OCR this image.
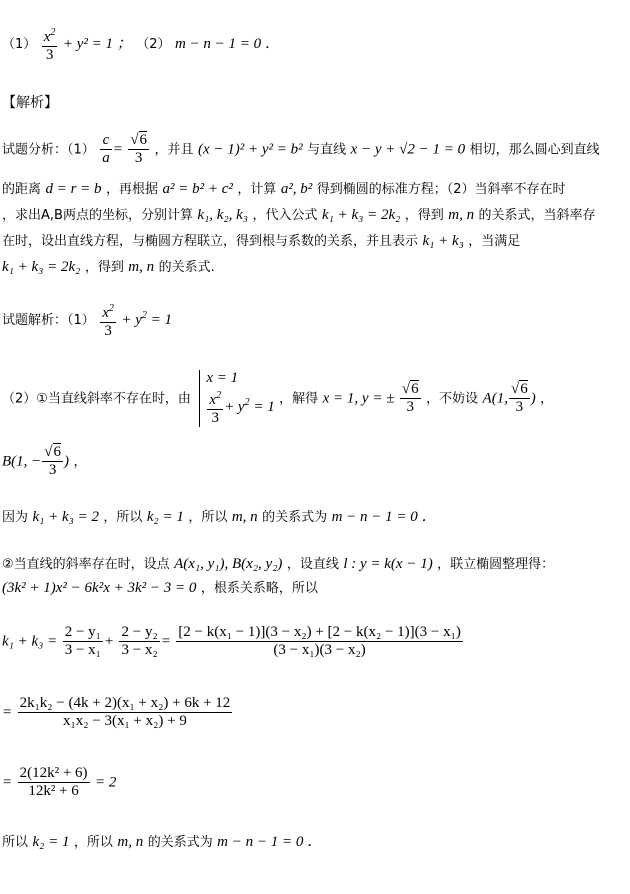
$(1) \frac{x^2}{3} + y^2 = 1$ ； （2） m − n − 1 = 0 ．
【解析】
试题分析：$(1) \frac{c}{a} = \frac{√6}{3}$ ，并且 (x − 1)² + y² = b² 与直线 x − y + √2 − 1 = 0 相切，那么圆心到直线
的距离 d = r = b ，再根据 a² = b² + c² ，计算 a², b² 得到椭圆的标准方程；（2）当斜率不存在时
，求出A,B两点的坐标，分别计算 k₁, k₂, k₃ ，代入公式 k₁ + k₃ = 2k₂ ，得到 m, n 的关系式，当斜率存
在时，设出直线方程，与椭圆方程联立，得到根与系数的关系，并且表示 k₁ + k₃ ，当满足
k₁ + k₃ = 2k₂ ，得到 m, n 的关系式.
试题解析：$(1) \frac{x^2}{3} + y^2 = 1$
（2）①当直线斜率不存在时，由
x = 1
$\frac{x^2}{3} + y^2 = 1$ ，解得 x = 1, y = ± $\frac{√6}{3}$ ，不妨设 A(1, $\frac{√6}{3}$ ) ，
B(1, − $\frac{√6}{3}$ ) ，
因为 k₁ + k₃ = 2 ，所以 k₂ = 1 ，所以 m, n 的关系式为 m − n − 1 = 0 ．
②当直线的斜率存在时，设点 A(x₁, y₁), B(x₂, y₂) ，设直线 l : y = k(x − 1) ，联立椭圆整理得：
(3k² + 1)x² − 6k²x + 3k² − 3 = 0 ，根系关系略，所以
$k_1 + k_3 = \frac{\text{2 − y₁}}{\text{3 − x₁}} + \frac{\text{2 − y₂}}{\text{3 − x₂}} = \frac{\text{[2 − k(x₁ − 1)](3 − x₂) + [2 − k(x₂ − 1)](3 − x₁)}}{\text{(3 − x₁)(3 − x₂)}}$
= $\frac{\text{2k₁k₂ − (4k + 2)(x₁ + x₂) + 6k + 12}}{\text{x₁x₂ − 3(x₁ + x₂) + 9}}$
= $\frac{\text{2(12k² + 6)}}{\text{12k² + 6}} = 2$
所以 k₂ = 1 ，所以 m, n 的关系式为 m − n − 1 = 0 ．
